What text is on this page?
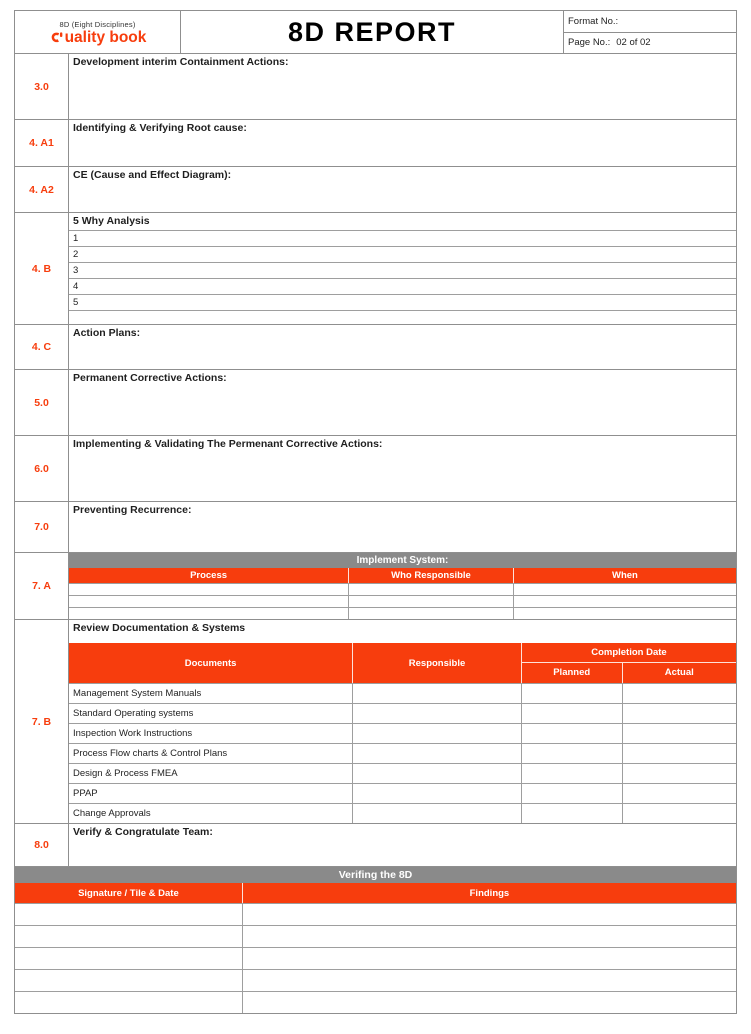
8D (Eight Disciplines)
uality book	8D REPORT	Format No.:
Page No.: 02 of 02
3.0
Development interim Containment Actions:
4. A1
Identifying & Verifying Root cause:
4. A2
CE (Cause and Effect Diagram):
4. B
5 Why Analysis
1
2
3
4
5
4. C
Action Plans:
5.0
Permanent Corrective Actions:
6.0
Implementing & Validating The Permenant Corrective Actions:
7.0
Preventing Recurrence:
7. A
Implement System:
Process	Who Responsible	When
7. B
Review Documentation & Systems
Documents	Responsible
Completion Date
Planned	Actual
Management System Manuals
Standard Operating systems
Inspection Work Instructions
Process Flow charts & Control Plans
Design & Process FMEA
PPAP
Change Approvals
8.0
Verify & Congratulate Team:
Verifing the 8D
Signature / Tile & Date	Findings
